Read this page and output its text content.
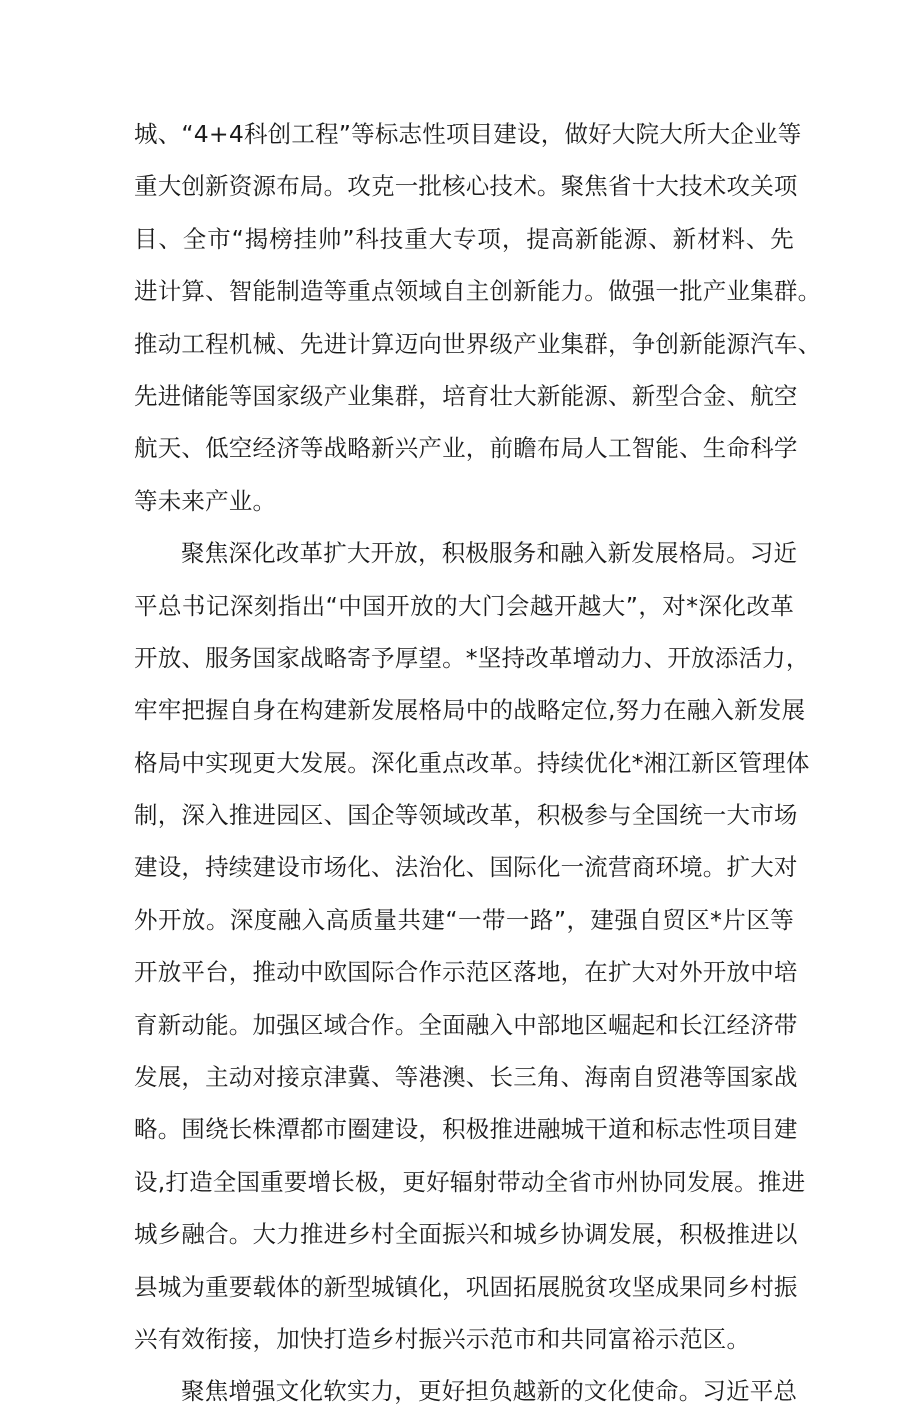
城、“4+4科创工程”等标志性项目建设，做好大院大所大企业等
重大创新资源布局。攻克一批核心技术。聚焦省十大技术攻关项
目、全市“揭榜挂帅”科技重大专项，提高新能源、新材料、先
进计算、智能制造等重点领域自主创新能力。做强一批产业集群。
推动工程机械、先进计算迈向世界级产业集群，争创新能源汽车、
先进储能等国家级产业集群，培育壮大新能源、新型合金、航空
航天、低空经济等战略新兴产业，前瞻布局人工智能、生命科学
等未来产业。
聚焦深化改革扩大开放，积极服务和融入新发展格局。习近
平总书记深刻指出“中国开放的大门会越开越大”，对*深化改革
开放、服务国家战略寄予厚望。*坚持改革增动力、开放添活力，
牢牢把握自身在构建新发展格局中的战略定位,努力在融入新发展
格局中实现更大发展。深化重点改革。持续优化*湘江新区管理体
制，深入推进园区、国企等领域改革，积极参与全国统一大市场
建设，持续建设市场化、法治化、国际化一流营商环境。扩大对
外开放。深度融入高质量共建“一带一路”，建强自贸区*片区等
开放平台，推动中欧国际合作示范区落地，在扩大对外开放中培
育新动能。加强区域合作。全面融入中部地区崛起和长江经济带
发展，主动对接京津冀、等港澳、长三角、海南自贸港等国家战
略。围绕长株潭都市圈建设，积极推进融城干道和标志性项目建
设,打造全国重要增长极，更好辐射带动全省市州协同发展。推进
城乡融合。大力推进乡村全面振兴和城乡协调发展，积极推进以
县城为重要载体的新型城镇化，巩固拓展脱贫攻坚成果同乡村振
兴有效衔接，加快打造乡村振兴示范市和共同富裕示范区。
聚焦增强文化软实力，更好担负越新的文化使命。习近平总
